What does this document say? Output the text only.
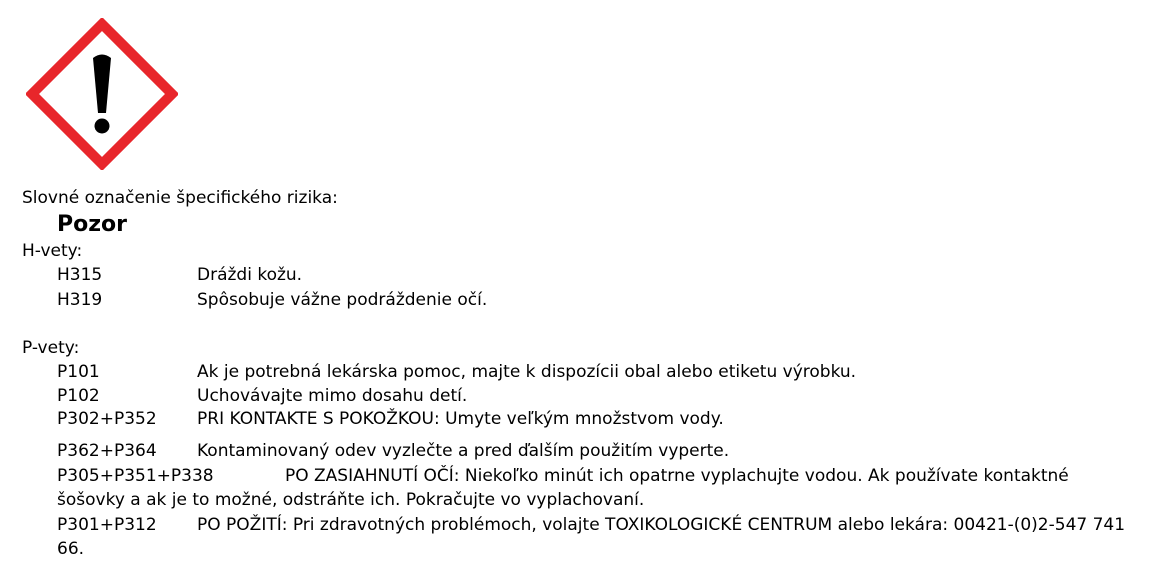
Slovné označenie špecifického rizika:
Pozor
H-vety:
H315	Dráždi kožu.
H319	Spôsobuje vážne podráždenie očí.
P-vety:
P101	Ak je potrebná lekárska pomoc, majte k dispozícii obal alebo etiketu výrobku.
P102	Uchovávajte mimo dosahu detí.
P302+P352 PRI KONTAKTE S POKOŽKOU: Umyte veľkým množstvom vody.
P362+P364 Kontaminovaný odev vyzlečte a pred ďalším použitím vyperte.
P305+P351+P338	PO ZASIAHNUTÍ OČÍ: Niekoľko minút ich opatrne vyplachujte vodou. Ak používate kontaktné šošovky a ak je to možné, odstráňte ich. Pokračujte vo vyplachovaní.
P301+P312 PO POŽITÍ: Pri zdravotných problémoch, volajte TOXIKOLOGICKÉ CENTRUM alebo lekára: 00421-(0)2-547 741 66.
